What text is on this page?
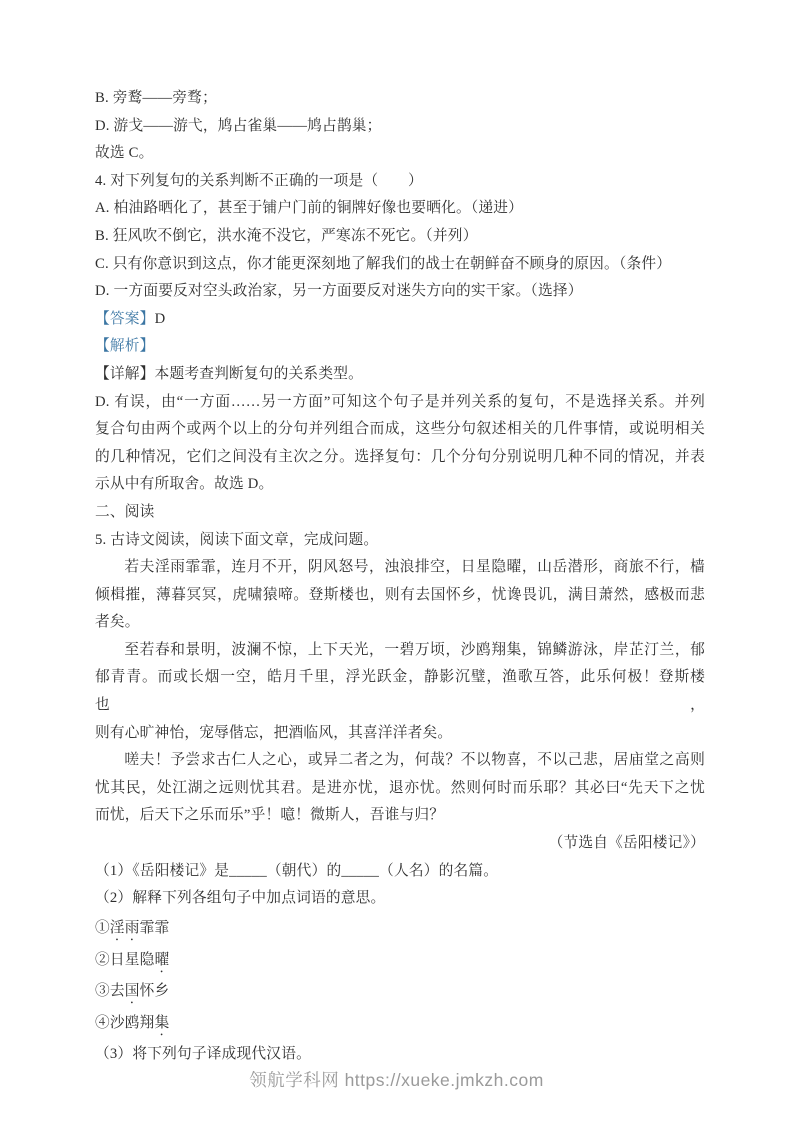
B. 旁鹜——旁骛；
D. 游戈——游弋，鸠占雀巢——鸠占鹊巢；
故选 C。
4. 对下列复句的关系判断不正确的一项是（　　）
A. 柏油路晒化了，甚至于铺户门前的铜牌好像也要晒化。（递进）
B. 狂风吹不倒它，洪水淹不没它，严寒冻不死它。（并列）
C. 只有你意识到这点，你才能更深刻地了解我们的战士在朝鲜奋不顾身的原因。（条件）
D. 一方面要反对空头政治家，另一方面要反对迷失方向的实干家。（选择）
【答案】D
【解析】
【详解】本题考查判断复句的关系类型。
D. 有误，由“一方面……另一方面”可知这个句子是并列关系的复句，不是选择关系。并列
复合句由两个或两个以上的分句并列组合而成，这些分句叙述相关的几件事情，或说明相关
的几种情况，它们之间没有主次之分。选择复句：几个分句分别说明几种不同的情况，并表
示从中有所取舍。故选 D。
二、阅读
5. 古诗文阅读，阅读下面文章，完成问题。
若夫淫雨霏霏，连月不开，阴风怒号，浊浪排空，日星隐曜，山岳潜形，商旅不行，樯
倾楫摧，薄暮冥冥，虎啸猿啼。登斯楼也，则有去国怀乡，忧谗畏讥，满目萧然，感极而悲
者矣。
至若春和景明，波澜不惊，上下天光，一碧万顷，沙鸥翔集，锦鳞游泳，岸芷汀兰，郁
郁青青。而或长烟一空，皓月千里，浮光跃金，静影沉璧，渔歌互答，此乐何极！登斯楼也，
则有心旷神怡，宠辱偕忘，把酒临风，其喜洋洋者矣。
嗟夫！予尝求古仁人之心，或异二者之为，何哉？不以物喜，不以己悲，居庙堂之高则
忧其民，处江湖之远则忧其君。是进亦忧，退亦忧。然则何时而乐耶？其必曰“先天下之忧
而忧，后天下之乐而乐”乎！噫！微斯人，吾谁与归？
（节选自《岳阳楼记》）
（1）《岳阳楼记》是_____（朝代）的_____（人名）的名篇。
（2）解释下列各组句子中加点词语的意思。
①淫雨霏霏
②日星隐曜
③去国怀乡
④沙鸥翔集
（3）将下列句子译成现代汉语。
领航学科网 https://xueke.jmkzh.com
